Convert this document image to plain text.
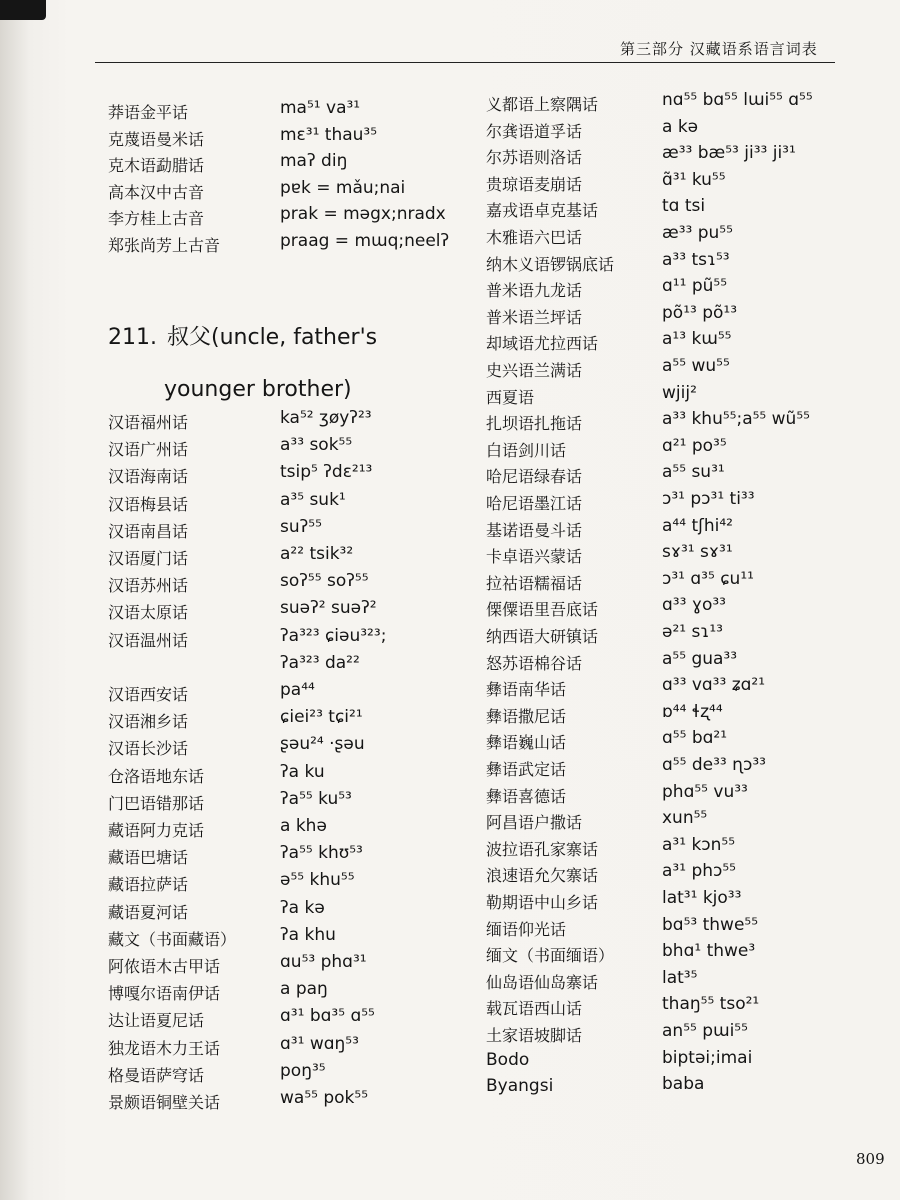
第三部分 汉藏语系语言词表
莽语金平话	ma⁵¹ va³¹
克蔑语曼米话	mɛ³¹ thau³⁵
克木语勐腊话	maʔ diŋ
高本汉中古音	pɐk = mǎu;nai
李方桂上古音	prak = məgx;nradx
郑张尚芳上古音	praag = mɯq;neelʔ
211. 叔父(uncle, father's
younger brother)
汉语福州话	ka⁵² ʒøyʔ²³
汉语广州话	a³³ sok⁵⁵
汉语海南话	tsip⁵ ʔdɛ²¹³
汉语梅县话	a³⁵ suk¹
汉语南昌话	suʔ⁵⁵
汉语厦门话	a²² tsik³²
汉语苏州话	soʔ⁵⁵ soʔ⁵⁵
汉语太原话	suəʔ² suəʔ²
汉语温州话	ʔa³²³ ɕiəu³²³;
ʔa³²³ da²²
汉语西安话	pa⁴⁴
汉语湘乡话	ɕiei²³ tɕi²¹
汉语长沙话	ʂəu²⁴ ·ʂəu
仓洛语地东话	ʔa ku
门巴语错那话	ʔa⁵⁵ ku⁵³
藏语阿力克话	a khə
藏语巴塘话	ʔa⁵⁵ khʊ⁵³
藏语拉萨话	ə⁵⁵ khu⁵⁵
藏语夏河话	ʔa kə
藏文（书面藏语）	ʔa khu
阿侬语木古甲话	ɑu⁵³ phɑ³¹
博嘎尔语南伊话	a paŋ
达让语夏尼话	ɑ³¹ bɑ³⁵ ɑ⁵⁵
独龙语木力王话	ɑ³¹ wɑŋ⁵³
格曼语萨穹话	poŋ³⁵
景颇语铜壁关话	wa⁵⁵ pok⁵⁵
义都语上察隅话	nɑ⁵⁵ bɑ⁵⁵ lɯi⁵⁵ ɑ⁵⁵
尔龚语道孚话	a kə
尔苏语则洛话	æ³³ bæ⁵³ ji³³ ji³¹
贵琼语麦崩话	ɑ̃³¹ ku⁵⁵
嘉戎语卓克基话	tɑ tsi
木雅语六巴话	æ³³ pu⁵⁵
纳木义语锣锅底话	a³³ tsɿ⁵³
普米语九龙话	ɑ¹¹ pũ⁵⁵
普米语兰坪话	põ¹³ põ¹³
却域语尤拉西话	a¹³ kɯ⁵⁵
史兴语兰满话	a⁵⁵ wu⁵⁵
西夏语	wjij²
扎坝语扎拖话	a³³ khu⁵⁵;a⁵⁵ wũ⁵⁵
白语剑川话	ɑ²¹ po³⁵
哈尼语绿春话	a⁵⁵ su³¹
哈尼语墨江话	ɔ³¹ pɔ³¹ ti³³
基诺语曼斗话	a⁴⁴ tʃhi⁴²
卡卓语兴蒙话	sɤ³¹ sɤ³¹
拉祜语糯福话	ɔ³¹ ɑ³⁵ ɕu¹¹
傈僳语里吾底话	ɑ³³ ɣo³³
纳西语大研镇话	ə²¹ sɿ¹³
怒苏语棉谷话	a⁵⁵ gua³³
彝语南华话	ɑ³³ vɑ³³ ʑɑ²¹
彝语撒尼话	ɒ⁴⁴ ɬʐ⁴⁴
彝语巍山话	ɑ⁵⁵ bɑ²¹
彝语武定话	ɑ⁵⁵ de³³ ɳɔ³³
彝语喜德话	phɑ⁵⁵ vu³³
阿昌语户撒话	xun⁵⁵
波拉语孔家寨话	a³¹ kɔn⁵⁵
浪速语允欠寨话	a³¹ phɔ⁵⁵
勒期语中山乡话	lat³¹ kjo³³
缅语仰光话	bɑ⁵³ thwe⁵⁵
缅文（书面缅语）	bhɑ¹ thwe³
仙岛语仙岛寨话	lat³⁵
载瓦语西山话	thaŋ⁵⁵ tso²¹
土家语坡脚话	an⁵⁵ pɯi⁵⁵
Bodo	biptəi;imai
Byangsi	baba
809
